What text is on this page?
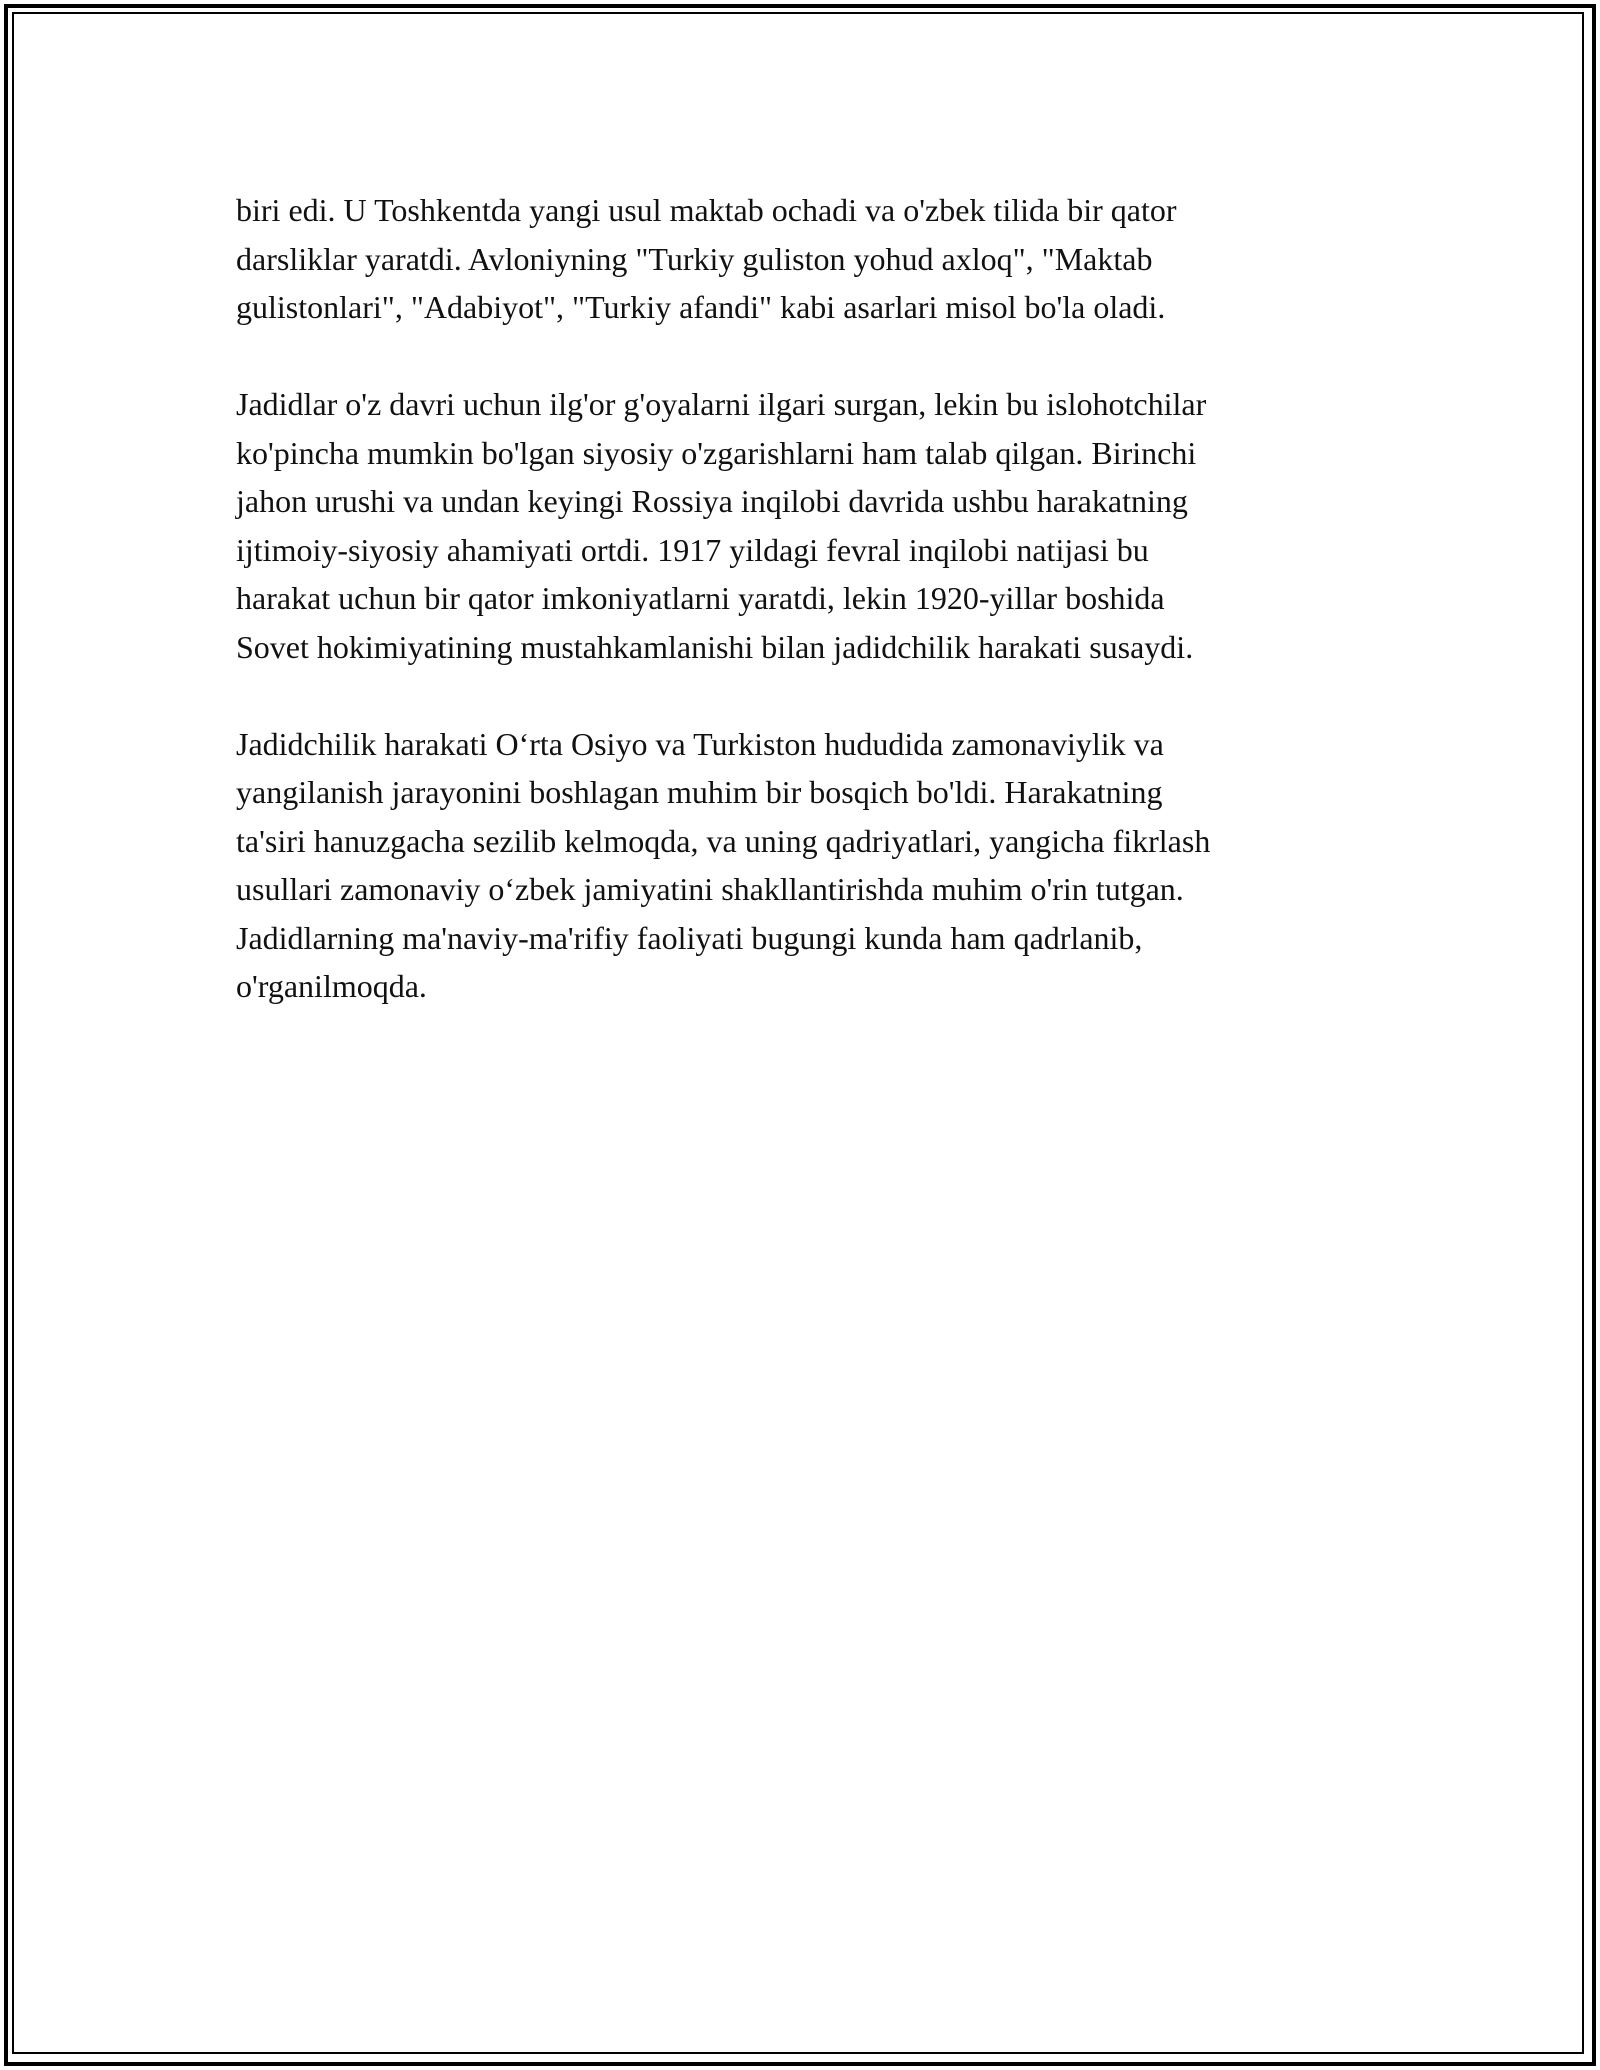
biri edi. U Toshkentda yangi usul maktab ochadi va o'zbek tilida bir qator
darsliklar yaratdi. Avloniyning "Turkiy guliston yohud axloq", "Maktab
gulistonlari", "Adabiyot", "Turkiy afandi" kabi asarlari misol bo'la oladi.

Jadidlar o'z davri uchun ilg'or g'oyalarni ilgari surgan, lekin bu islohotchilar
ko'pincha mumkin bo'lgan siyosiy o'zgarishlarni ham talab qilgan. Birinchi
jahon urushi va undan keyingi Rossiya inqilobi davrida ushbu harakatning
ijtimoiy-siyosiy ahamiyati ortdi. 1917 yildagi fevral inqilobi natijasi bu
harakat uchun bir qator imkoniyatlarni yaratdi, lekin 1920-yillar boshida
Sovet hokimiyatining mustahkamlanishi bilan jadidchilik harakati susaydi.

Jadidchilik harakati O‘rta Osiyo va Turkiston hududida zamonaviylik va
yangilanish jarayonini boshlagan muhim bir bosqich bo'ldi. Harakatning
ta'siri hanuzgacha sezilib kelmoqda, va uning qadriyatlari, yangicha fikrlash
usullari zamonaviy o‘zbek jamiyatini shakllantirishda muhim o'rin tutgan.
Jadidlarning ma'naviy-ma'rifiy faoliyati bugungi kunda ham qadrlanib,
o'rganilmoqda.
